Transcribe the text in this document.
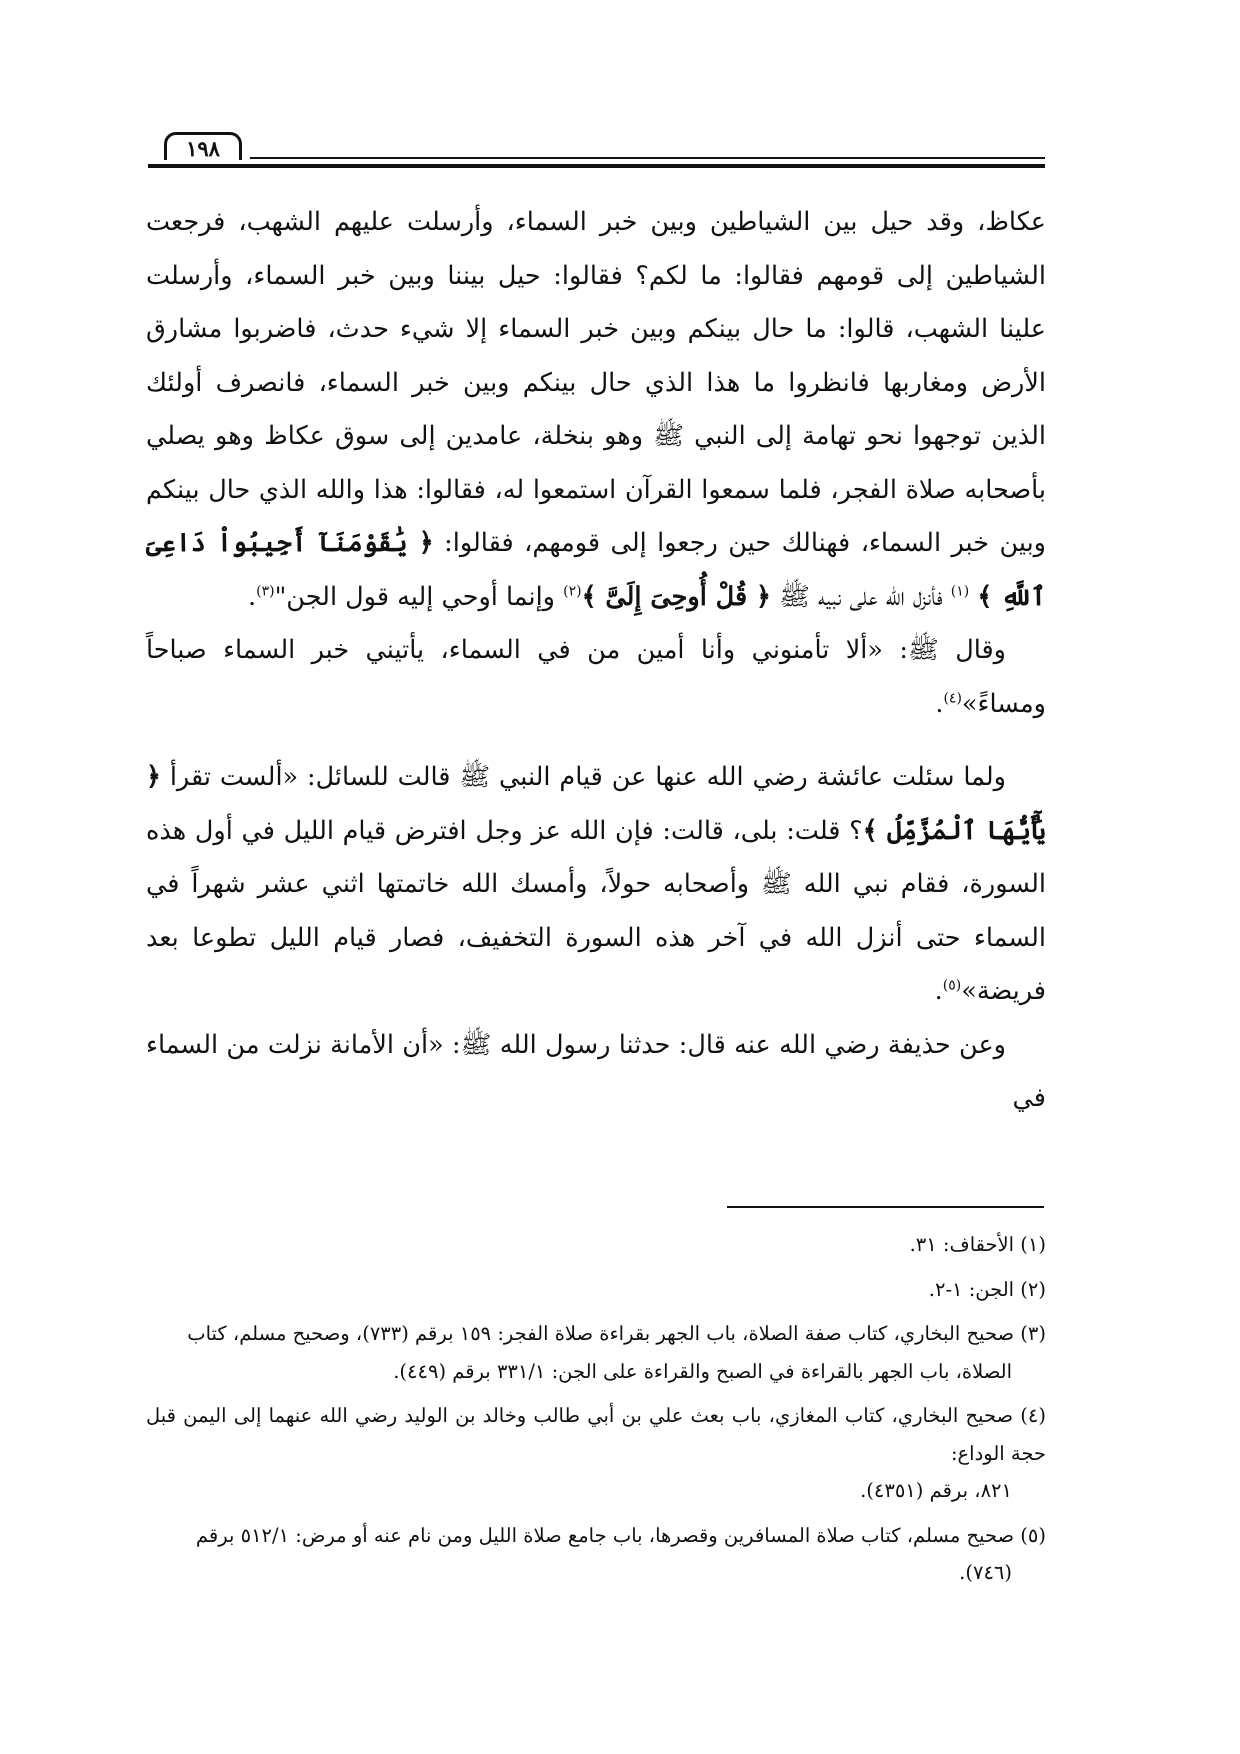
١٩٨

عكاظ، وقد حيل بين الشياطين وبين خبر السماء، وأرسلت عليهم الشهب، فرجعت الشياطين إلى قومهم فقالوا: ما لكم؟ فقالوا: حيل بيننا وبين خبر السماء، وأرسلت علينا الشهب، قالوا: ما حال بينكم وبين خبر السماء إلا شيء حدث، فاضربوا مشارق الأرض ومغاربها فانظروا ما هذا الذي حال بينكم وبين خبر السماء، فانصرف أولئك الذين توجهوا نحو تهامة إلى النبي ﷺ وهو بنخلة، عامدين إلى سوق عكاظ وهو يصلي بأصحابه صلاة الفجر، فلما سمعوا القرآن استمعوا له، فقالوا: هذا والله الذي حال بينكم وبين خبر السماء، فهنالك حين رجعوا إلى قومهم، فقالوا: ﴿ يَٰقَوْمَنَآ أَجِيبُواْ دَاعِىَ ٱللَّهِ ﴾ $^{(١)}$ فأنزل الله على نبيه ﷺ ﴿ قُلْ أُوحِىَ إِلَىَّ ﴾$^{(٢)}$ وإنما أوحي إليه قول الجن"$^{(٣)}$.

وقال ﷺ: «ألا تأمنوني وأنا أمين من في السماء، يأتيني خبر السماء صباحاً ومساءً»$^{(٤)}$.

ولما سئلت عائشة رضي الله عنها عن قيام النبي ﷺ قالت للسائل: «ألست تقرأ ﴿ يَٰٓأَيُّهَا ٱلْمُزَّمِّلُ ﴾؟ قلت: بلى، قالت: فإن الله عز وجل افترض قيام الليل في أول هذه السورة، فقام نبي الله ﷺ وأصحابه حولاً، وأمسك الله خاتمتها اثني عشر شهراً في السماء حتى أنزل الله في آخر هذه السورة التخفيف، فصار قيام الليل تطوعا بعد فريضة»$^{(٥)}$.

وعن حذيفة رضي الله عنه قال: حدثنا رسول الله ﷺ: «أن الأمانة نزلت من السماء في

(١) الأحقاف: ٣١.
(٢) الجن: ١-٢.
(٣) صحيح البخاري، كتاب صفة الصلاة، باب الجهر بقراءة صلاة الفجر: ١٥٩ برقم (٧٣٣)، وصحيح مسلم، كتاب
الصلاة، باب الجهر بالقراءة في الصبح والقراءة على الجن: ٣٣١/١ برقم (٤٤٩).
(٤) صحيح البخاري، كتاب المغازي، باب بعث علي بن أبي طالب وخالد بن الوليد رضي الله عنهما إلى اليمن قبل حجة الوداع:
٨٢١، برقم (٤٣٥١).
(٥) صحيح مسلم، كتاب صلاة المسافرين وقصرها، باب جامع صلاة الليل ومن نام عنه أو مرض: ٥١٢/١ برقم
(٧٤٦).
